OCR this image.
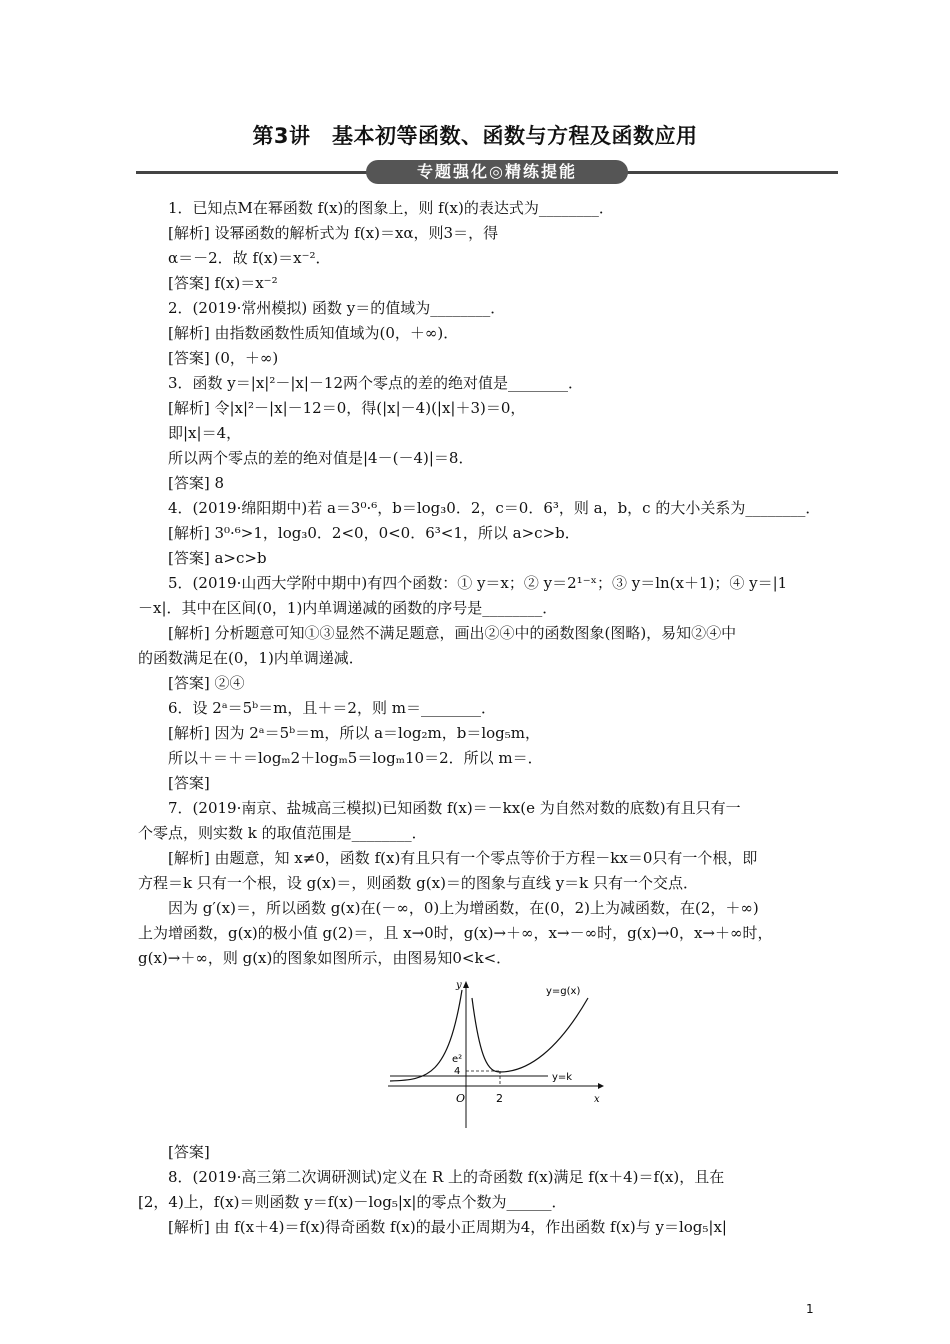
第3讲　基本初等函数、函数与方程及函数应用
专题强化◎精练提能
1．已知点M在幂函数 f(x)的图象上，则 f(x)的表达式为________．
[解析] 设幂函数的解析式为 f(x)＝xα，则3＝，得
α＝－2．故 f(x)＝x⁻²．
[答案] f(x)＝x⁻²
2．(2019·常州模拟) 函数 y＝的值域为________．
[解析] 由指数函数性质知值域为(0，＋∞)．
[答案] (0，＋∞)
3．函数 y＝|x|²－|x|－12两个零点的差的绝对值是________．
[解析] 令|x|²－|x|－12＝0，得(|x|－4)(|x|＋3)＝0，
即|x|＝4，
所以两个零点的差的绝对值是|4－(－4)|＝8．
[答案] 8
4．(2019·绵阳期中)若 a＝3⁰·⁶，b＝log₃0．2，c＝0．6³，则 a，b，c 的大小关系为________．
[解析] 3⁰·⁶>1，log₃0．2<0，0<0．6³<1，所以 a>c>b．
[答案] a>c>b
5．(2019·山西大学附中期中)有四个函数：① y＝x；② y＝2¹⁻ˣ；③ y＝ln(x＋1)；④ y＝|1
－x|．其中在区间(0，1)内单调递减的函数的序号是________．
[解析] 分析题意可知①③显然不满足题意，画出②④中的函数图象(图略)，易知②④中
的函数满足在(0，1)内单调递减．
[答案] ②④
6．设 2ᵃ＝5ᵇ＝m，且＋＝2，则 m＝________．
[解析] 因为 2ᵃ＝5ᵇ＝m，所以 a＝log₂m，b＝log₅m，
所以＋＝＋＝logₘ2＋logₘ5＝logₘ10＝2．所以 m＝．
[答案]
7．(2019·南京、盐城高三模拟)已知函数 f(x)＝－kx(e 为自然对数的底数)有且只有一
个零点，则实数 k 的取值范围是________．
[解析] 由题意，知 x≠0，函数 f(x)有且只有一个零点等价于方程－kx＝0只有一个根，即
方程＝k 只有一个根，设 g(x)＝，则函数 g(x)＝的图象与直线 y＝k 只有一个交点．
因为 g′(x)＝，所以函数 g(x)在(－∞，0)上为增函数，在(0，2)上为减函数，在(2，＋∞)
上为增函数，g(x)的极小值 g(2)＝，且 x→0时，g(x)→＋∞，x→－∞时，g(x)→0，x→＋∞时，
g(x)→＋∞，则 g(x)的图象如图所示，由图易知0<k<．
y=g(x)
y=k
y
x
O
e²
4
2
[答案]
8．(2019·高三第二次调研测试)定义在 R 上的奇函数 f(x)满足 f(x＋4)＝f(x)，且在
[2，4)上，f(x)＝则函数 y＝f(x)－log₅|x|的零点个数为______．
[解析] 由 f(x＋4)＝f(x)得奇函数 f(x)的最小正周期为4，作出函数 f(x)与 y＝log₅|x|
1
